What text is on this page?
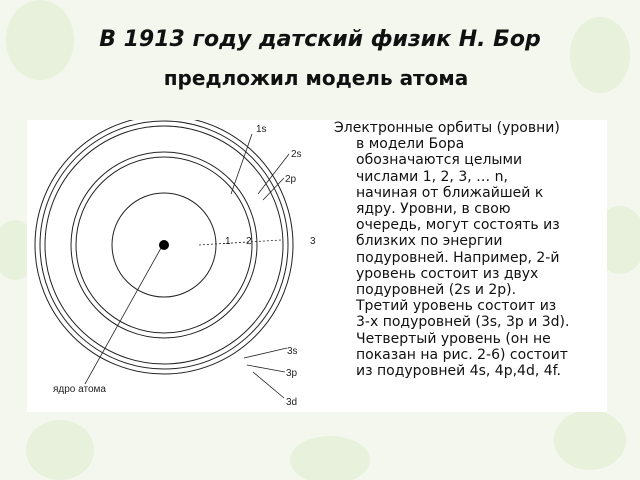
В 1913 году датский физик Н. Бор
предложил модель атома
1s
2s
2p
1 2	3
3s
3p
3d
ядро атома
Электронные орбиты (уровни)
в модели Бора
обозначаются целыми
числами 1, 2, 3, … n,
начиная от ближайшей к
ядру. Уровни, в свою
очередь, могут состоять из
близких по энергии
подуровней. Например, 2-й
уровень состоит из двух
подуровней (2s и 2p).
Третий уровень состоит из
3-х подуровней (3s, 3p и 3d).
Четвертый уровень (он не
показан на рис. 2-6) состоит
из подуровней 4s, 4p,4d, 4f.
